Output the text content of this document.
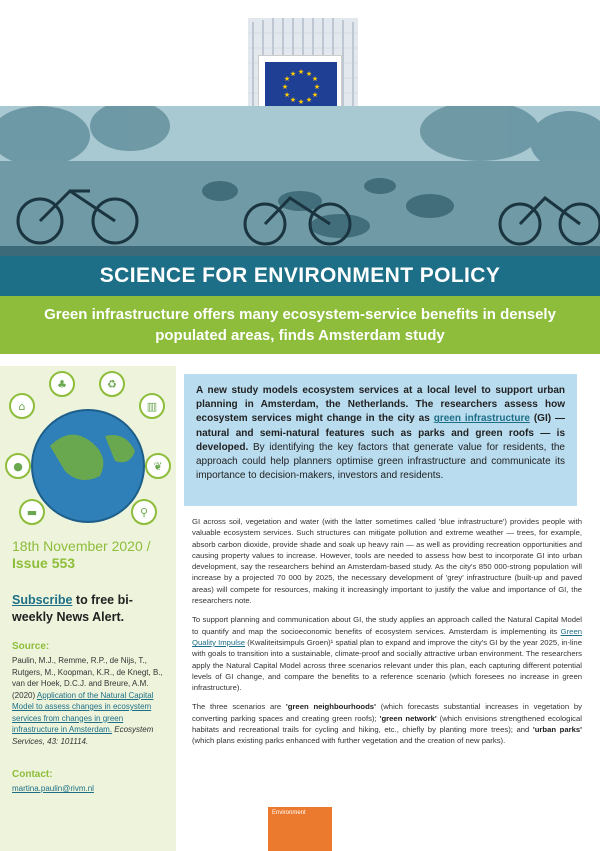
★ ★
★
★
★
★
★
★
★
★
★
★
SCIENCE FOR ENVIRONMENT POLICY
Green infrastructure offers many ecosystem-service benefits in densely populated areas, finds Amsterdam study
⌂
♣	♻
▥
●	❦
▬	⚲
18th November 2020 /
Issue 553
Subscribe to free bi-weekly News Alert.
Source:
Paulin, M.J., Remme, R.P., de Nijs, T., Rutgers, M., Koopman, K.R., de Knegt, B., van der Hoek, D.C.J. and Breure, A.M. (2020) Application of the Natural Capital Model to assess changes in ecosystem services from changes in green infrastructure in Amsterdam. Ecosystem Services, 43: 101114.
Contact:
martina.paulin@rivm.nl
A new study models ecosystem services at a local level to support urban planning in Amsterdam, the Netherlands. The researchers assess how ecosystem services might change in the city as green infrastructure (GI) — natural and semi-natural features such as parks and green roofs — is developed. By identifying the key factors that generate value for residents, the approach could help planners optimise green infrastructure and communicate its importance to decision-makers, investors and residents.

GI across soil, vegetation and water (with the latter sometimes called 'blue infrastructure') provides people with valuable ecosystem services. Such structures can mitigate pollution and extreme weather — trees, for example, absorb carbon dioxide, provide shade and soak up heavy rain — as well as providing recreation opportunities and causing property values to increase. However, tools are needed to assess how best to incorporate GI into urban development, say the researchers behind an Amsterdam-based study. As the city's 850 000-strong population will increase by a projected 70 000 by 2025, the necessary development of 'grey' infrastructure (built-up and paved areas) will compete for resources, making it increasingly important to justify the value and importance of GI, the researchers note.

To support planning and communication about GI, the study applies an approach called the Natural Capital Model to quantify and map the socioeconomic benefits of ecosystem services. Amsterdam is implementing its Green Quality Impulse (Kwaliteitsimpuls Groen)¹ spatial plan to expand and improve the city's GI by the year 2025, in-line with goals to transition into a sustainable, climate-proof and socially attractive urban environment. The researchers apply the Natural Capital Model across three scenarios relevant under this plan, each capturing different potential levels of GI change, and compare the benefits to a reference scenario (which foresees no increase in green infrastructure).

The three scenarios are 'green neighbourhoods' (which forecasts substantial increases in vegetation by converting parking spaces and creating green roofs); 'green network' (which envisions strengthened ecological habitats and recreational trails for cycling and hiking, etc., chiefly by planting more trees); and 'urban parks' (which plans existing parks enhanced with further vegetation and the creation of new parks).

Environment
